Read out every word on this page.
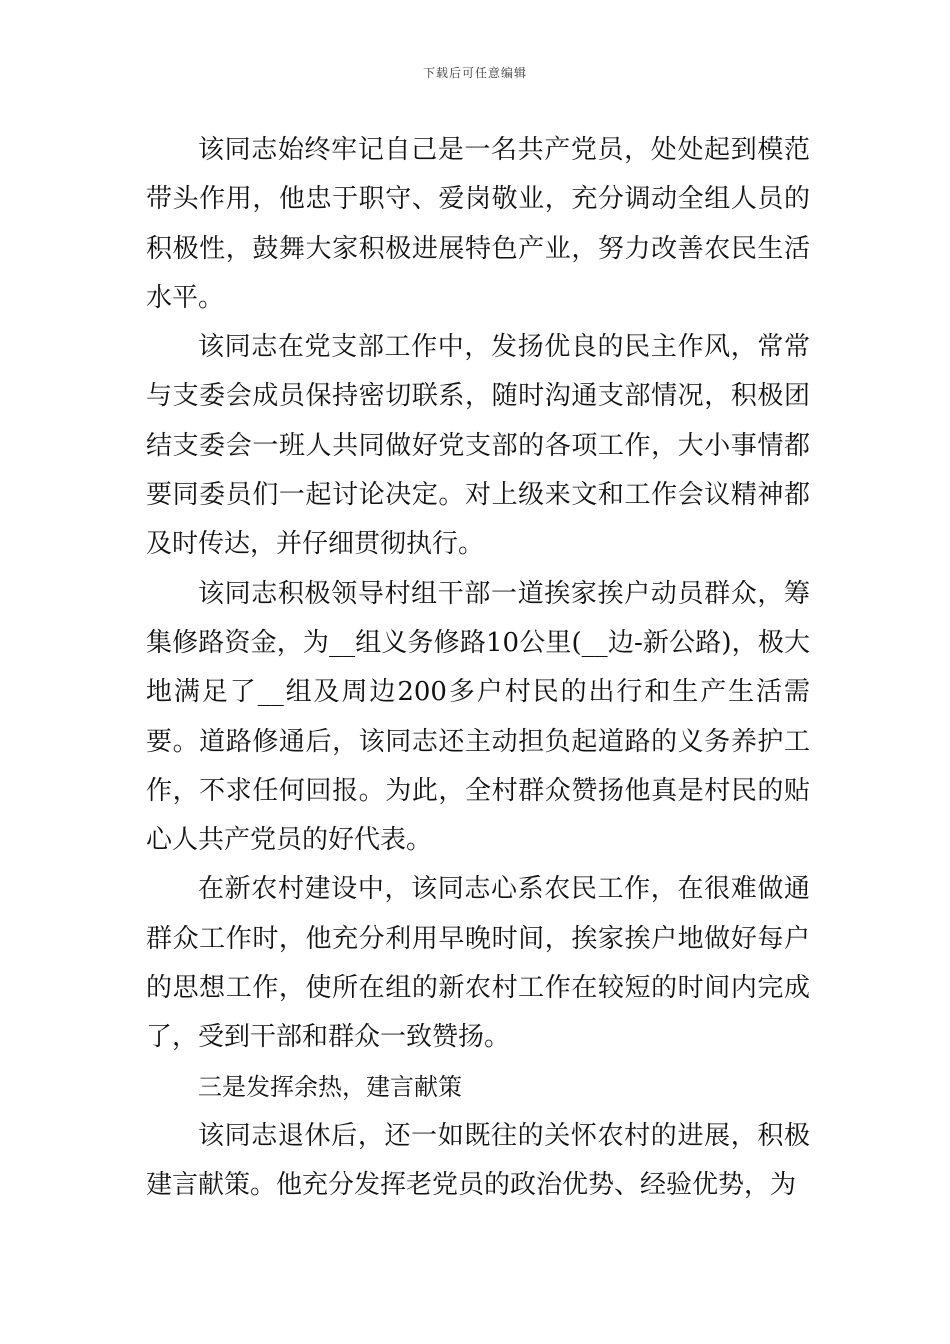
下载后可任意编辑

该同志始终牢记自己是一名共产党员，处处起到模范带头作用，他忠于职守、爱岗敬业，充分调动全组人员的积极性，鼓舞大家积极进展特色产业，努力改善农民生活水平。

该同志在党支部工作中，发扬优良的民主作风，常常与支委会成员保持密切联系，随时沟通支部情况，积极团结支委会一班人共同做好党支部的各项工作，大小事情都要同委员们一起讨论决定。对上级来文和工作会议精神都及时传达，并仔细贯彻执行。

该同志积极领导村组干部一道挨家挨户动员群众，筹集修路资金，为__组义务修路10公里(__边-新公路)，极大地满足了__组及周边200多户村民的出行和生产生活需要。道路修通后，该同志还主动担负起道路的义务养护工作，不求任何回报。为此，全村群众赞扬他真是村民的贴心人共产党员的好代表。

在新农村建设中，该同志心系农民工作，在很难做通群众工作时，他充分利用早晚时间，挨家挨户地做好每户的思想工作，使所在组的新农村工作在较短的时间内完成了，受到干部和群众一致赞扬。

三是发挥余热，建言献策

该同志退休后，还一如既往的关怀农村的进展，积极建言献策。他充分发挥老党员的政治优势、经验优势，为
